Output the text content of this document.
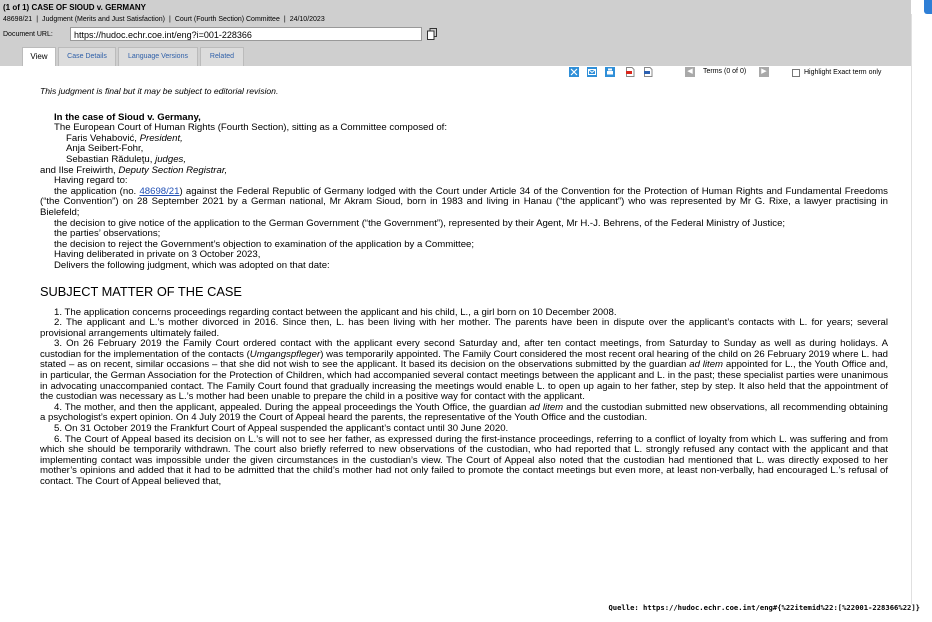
(1 of 1) CASE OF SIOUD v. GERMANY
48698/21 | Judgment (Merits and Just Satisfaction) | Court (Fourth Section) Committee | 24/10/2023
Document URL:	https://hudoc.echr.coe.int/eng?i=001-228366
View	Case Details	Language Versions	Related
◀	Terms (0 of 0)	▶	Highlight Exact term only

This judgment is final but it may be subject to editorial revision.

In the case of Sioud v. Germany,

The European Court of Human Rights (Fourth Section), sitting as a Committee composed of:

Faris Vehabović, President,

Anja Seibert-Fohr,

Sebastian Răduleţu, judges,

and Ilse Freiwirth, Deputy Section Registrar,

Having regard to:

the application (no. 48698/21) against the Federal Republic of Germany lodged with the Court under Article 34 of the Convention for the Protection of Human Rights and Fundamental Freedoms (“the Convention”) on 28 September 2021 by a German national, Mr Akram Sioud, born in 1983 and living in Hanau (“the applicant”) who was represented by Mr G. Rixe, a lawyer practising in Bielefeld;

the decision to give notice of the application to the German Government (“the Government”), represented by their Agent, Mr H.-J. Behrens, of the Federal Ministry of Justice;

the parties’ observations;

the decision to reject the Government’s objection to examination of the application by a Committee;

Having deliberated in private on 3 October 2023,

Delivers the following judgment, which was adopted on that date:

SUBJECT MATTER OF THE CASE

1. The application concerns proceedings regarding contact between the applicant and his child, L., a girl born on 10 December 2008.

2. The applicant and L.’s mother divorced in 2016. Since then, L. has been living with her mother. The parents have been in dispute over the applicant’s contacts with L. for years; several provisional arrangements ultimately failed.

3. On 26 February 2019 the Family Court ordered contact with the applicant every second Saturday and, after ten contact meetings, from Saturday to Sunday as well as during holidays. A custodian for the implementation of the contacts (Umgangspfleger) was temporarily appointed. The Family Court considered the most recent oral hearing of the child on 26 February 2019 where L. had stated – as on recent, similar occasions – that she did not wish to see the applicant. It based its decision on the observations submitted by the guardian ad litem appointed for L., the Youth Office and, in particular, the German Association for the Protection of Children, which had accompanied several contact meetings between the applicant and L. in the past; these specialist parties were unanimous in advocating unaccompanied contact. The Family Court found that gradually increasing the meetings would enable L. to open up again to her father, step by step. It also held that the appointment of the custodian was necessary as L.’s mother had been unable to prepare the child in a positive way for contact with the applicant.

4. The mother, and then the applicant, appealed. During the appeal proceedings the Youth Office, the guardian ad litem and the custodian submitted new observations, all recommending obtaining a psychologist’s expert opinion. On 4 July 2019 the Court of Appeal heard the parents, the representative of the Youth Office and the custodian.

5. On 31 October 2019 the Frankfurt Court of Appeal suspended the applicant’s contact until 30 June 2020.

6. The Court of Appeal based its decision on L.’s will not to see her father, as expressed during the first-instance proceedings, referring to a conflict of loyalty from which L. was suffering and from which she should be temporarily withdrawn. The court also briefly referred to new observations of the custodian, who had reported that L. strongly refused any contact with the applicant and that implementing contact was impossible under the given circumstances in the custodian’s view. The Court of Appeal also noted that the custodian had mentioned that L. was directly exposed to her mother’s opinions and added that it had to be admitted that the child’s mother had not only failed to promote the contact meetings but even more, at least non-verbally, had encouraged L.’s refusal of contact. The Court of Appeal believed that,

Quelle: https://hudoc.echr.coe.int/eng#{%22itemid%22:[%22001-228366%22]}
